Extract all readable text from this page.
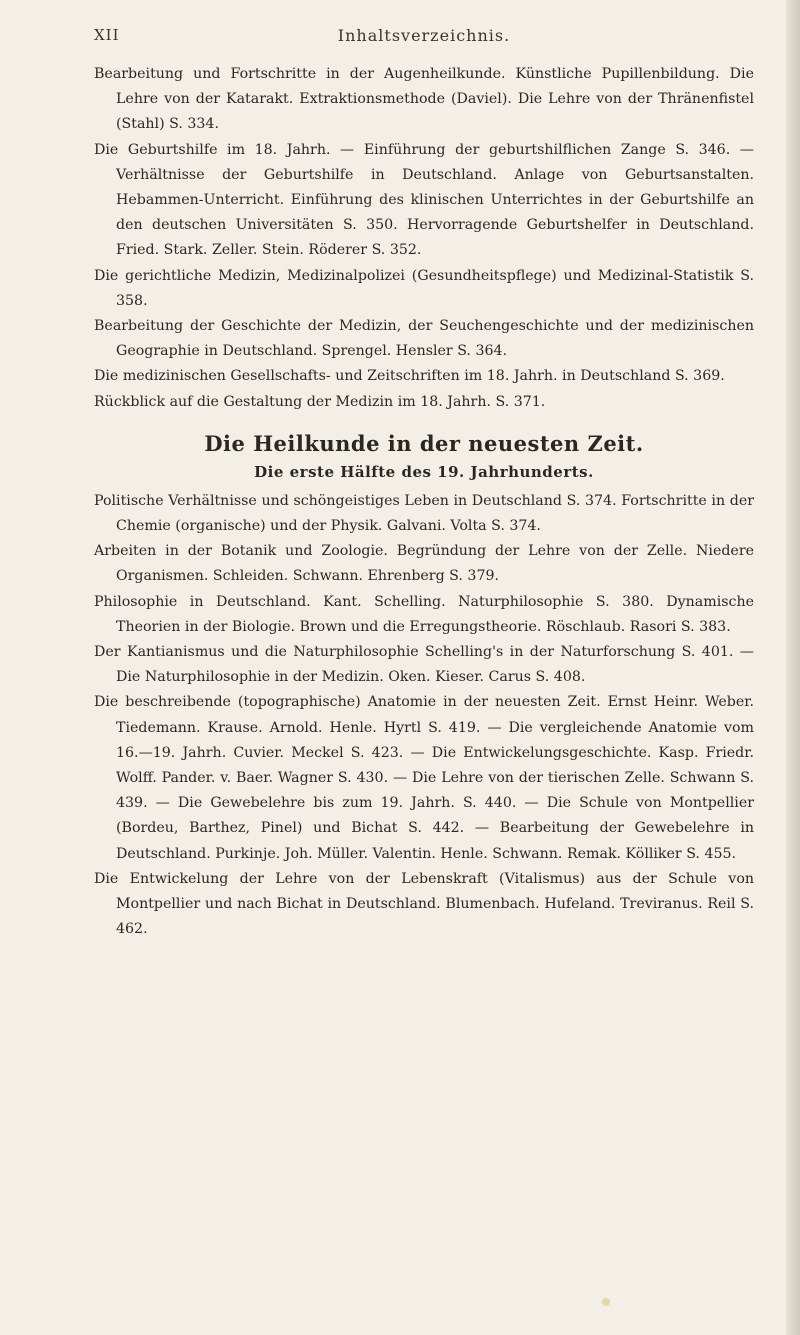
XII	Inhaltsverzeichnis.

Bearbeitung und Fortschritte in der Augenheilkunde. Künstliche Pupillenbildung. Die Lehre von der Katarakt. Extraktionsmethode (Daviel). Die Lehre von der Thränenfistel (Stahl) S. 334.

Die Geburtshilfe im 18. Jahrh. — Einführung der geburtshilflichen Zange S. 346. — Verhältnisse der Geburtshilfe in Deutschland. Anlage von Geburtsanstalten. Hebammen-Unterricht. Einführung des klinischen Unterrichtes in der Geburtshilfe an den deutschen Universitäten S. 350. Hervorragende Geburtshelfer in Deutschland. Fried. Stark. Zeller. Stein. Röderer S. 352.

Die gerichtliche Medizin, Medizinalpolizei (Gesundheitspflege) und Medizinal-Statistik S. 358.

Bearbeitung der Geschichte der Medizin, der Seuchengeschichte und der medizinischen Geographie in Deutschland. Sprengel. Hensler S. 364.

Die medizinischen Gesellschafts- und Zeitschriften im 18. Jahrh. in Deutschland S. 369.

Rückblick auf die Gestaltung der Medizin im 18. Jahrh. S. 371.

Die Heilkunde in der neuesten Zeit.
Die erste Hälfte des 19. Jahrhunderts.

Politische Verhältnisse und schöngeistiges Leben in Deutschland S. 374. Fortschritte in der Chemie (organische) und der Physik. Galvani. Volta S. 374.

Arbeiten in der Botanik und Zoologie. Begründung der Lehre von der Zelle. Niedere Organismen. Schleiden. Schwann. Ehrenberg S. 379.

Philosophie in Deutschland. Kant. Schelling. Naturphilosophie S. 380. Dynamische Theorien in der Biologie. Brown und die Erregungstheorie. Röschlaub. Rasori S. 383.

Der Kantianismus und die Naturphilosophie Schelling's in der Naturforschung S. 401. — Die Naturphilosophie in der Medizin. Oken. Kieser. Carus S. 408.

Die beschreibende (topographische) Anatomie in der neuesten Zeit. Ernst Heinr. Weber. Tiedemann. Krause. Arnold. Henle. Hyrtl S. 419. — Die vergleichende Anatomie vom 16.—19. Jahrh. Cuvier. Meckel S. 423. — Die Entwickelungsgeschichte. Kasp. Friedr. Wolff. Pander. v. Baer. Wagner S. 430. — Die Lehre von der tierischen Zelle. Schwann S. 439. — Die Gewebelehre bis zum 19. Jahrh. S. 440. — Die Schule von Montpellier (Bordeu, Barthez, Pinel) und Bichat S. 442. — Bearbeitung der Gewebelehre in Deutschland. Purkinje. Joh. Müller. Valentin. Henle. Schwann. Remak. Kölliker S. 455.

Die Entwickelung der Lehre von der Lebenskraft (Vitalismus) aus der Schule von Montpellier und nach Bichat in Deutschland. Blumenbach. Hufeland. Treviranus. Reil S. 462.
